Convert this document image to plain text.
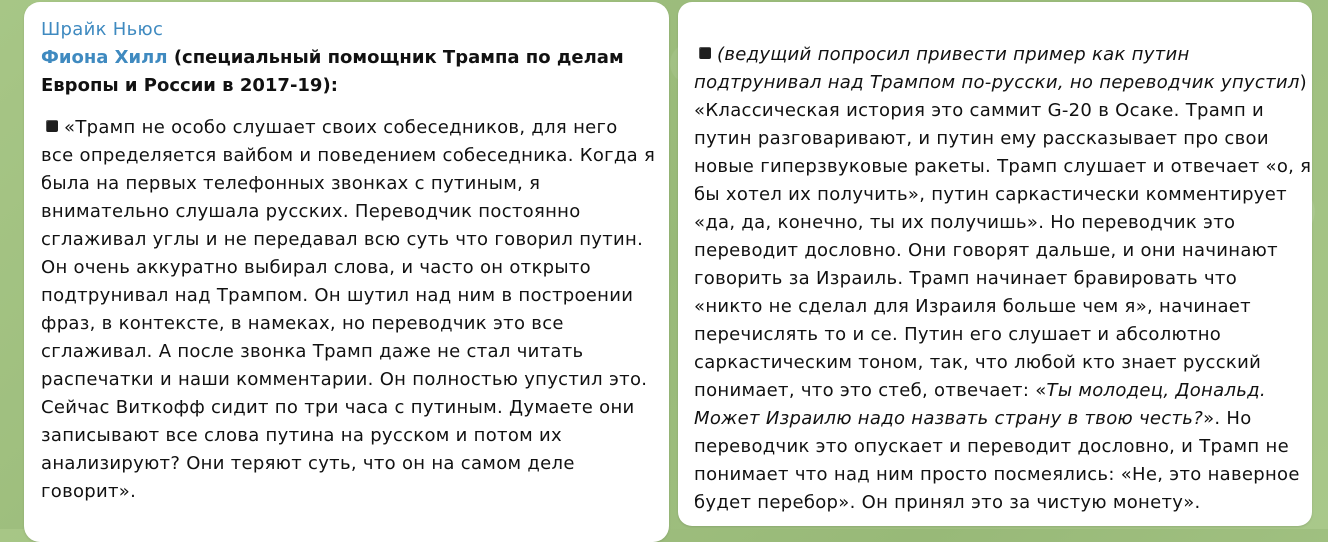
Шрайк Ньюс
Фиона Хилл (специальный помощник Трампа по делам
Европы и России в 2017-19):
«Трамп не особо слушает своих собеседников, для него
все определяется вайбом и поведением собеседника. Когда я
была на первых телефонных звонках с путиным, я
внимательно слушала русских. Переводчик постоянно
сглаживал углы и не передавал всю суть что говорил путин.
Он очень аккуратно выбирал слова, и часто он открыто
подтрунивал над Трампом. Он шутил над ним в построении
фраз, в контексте, в намеках, но переводчик это все
сглаживал. А после звонка Трамп даже не стал читать
распечатки и наши комментарии. Он полностью упустил это.
Сейчас Виткофф сидит по три часа с путиным. Думаете они
записывают все слова путина на русском и потом их
анализируют? Они теряют суть, что он на самом деле
говорит».
(ведущий попросил привести пример как путин
подтрунивал над Трампом по-русски, но переводчик упустил)
«Классическая история это саммит G-20 в Осаке. Трамп и
путин разговаривают, и путин ему рассказывает про свои
новые гиперзвуковые ракеты. Трамп слушает и отвечает «о, я
бы хотел их получить», путин саркастически комментирует
«да, да, конечно, ты их получишь». Но переводчик это
переводит дословно. Они говорят дальше, и они начинают
говорить за Израиль. Трамп начинает бравировать что
«никто не сделал для Израиля больше чем я», начинает
перечислять то и се. Путин его слушает и абсолютно
саркастическим тоном, так, что любой кто знает русский
понимает, что это стеб, отвечает: «Ты молодец, Дональд.
Может Израилю надо назвать страну в твою честь?». Но
переводчик это опускает и переводит дословно, и Трамп не
понимает что над ним просто посмеялись: «Не, это наверное
будет перебор». Он принял это за чистую монету».
